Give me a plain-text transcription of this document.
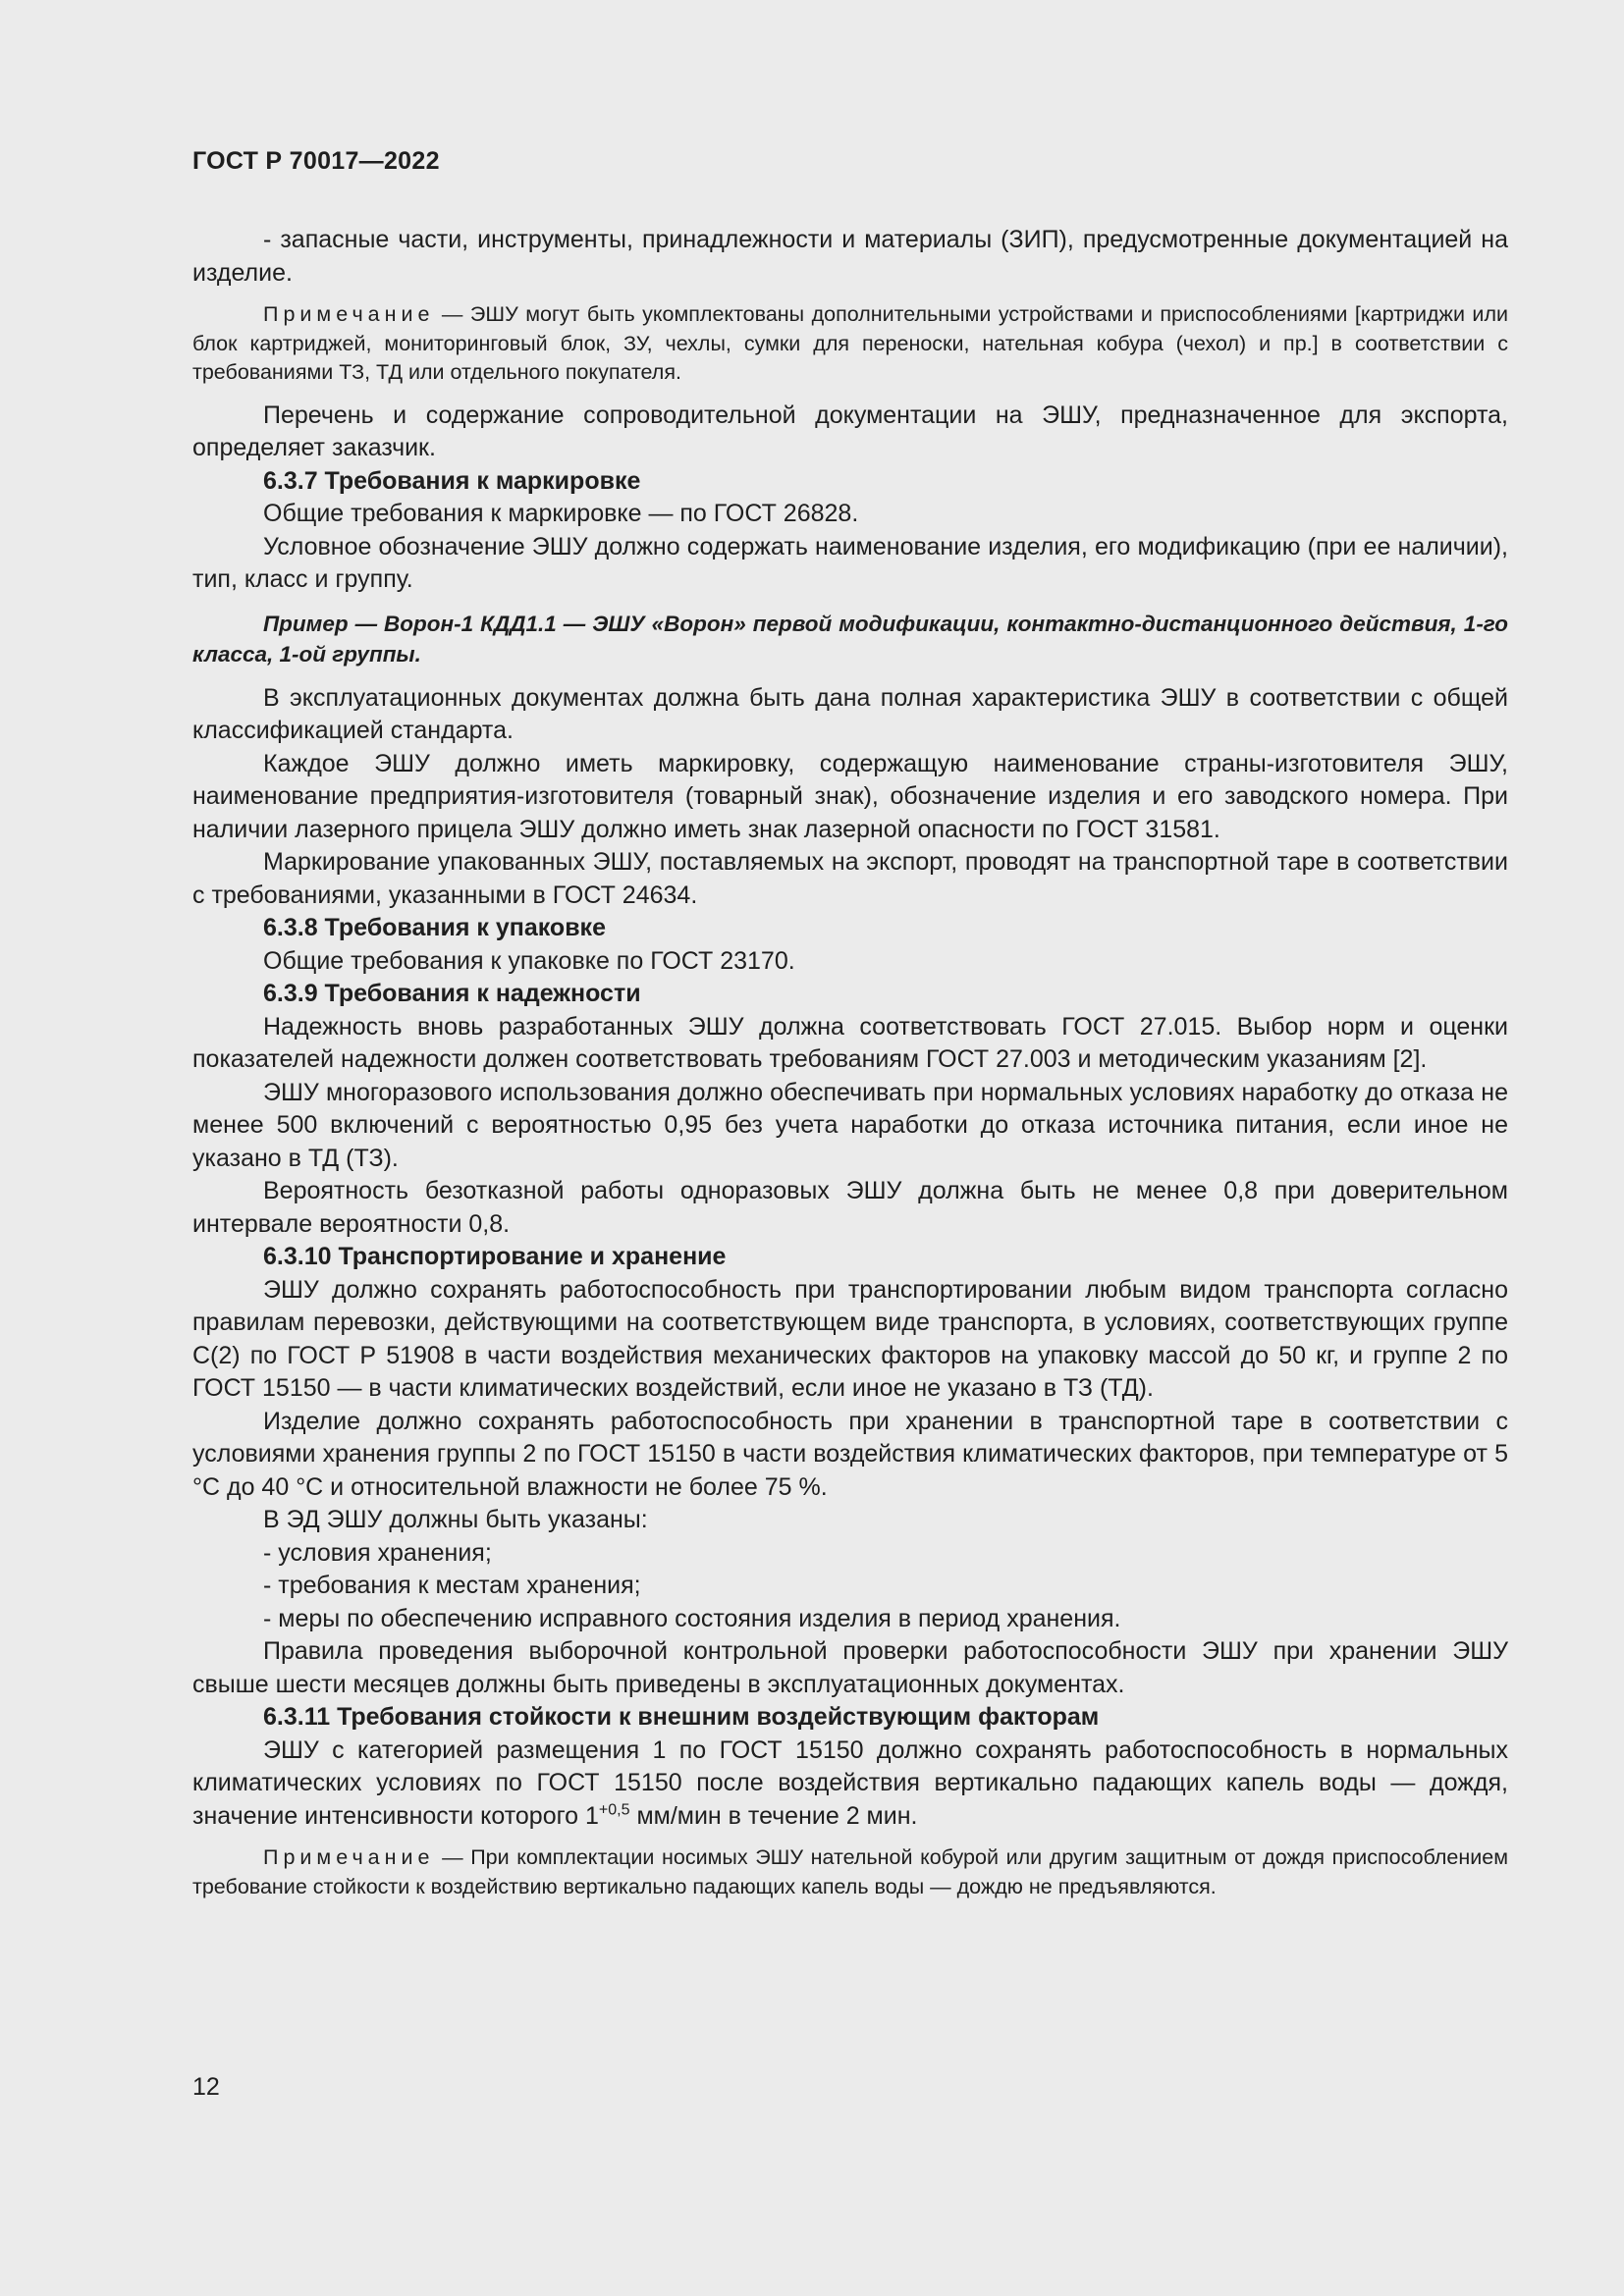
ГОСТ Р 70017—2022

- запасные части, инструменты, принадлежности и материалы (ЗИП), предусмотренные документацией на изделие.

Примечание — ЭШУ могут быть укомплектованы дополнительными устройствами и приспособлениями [картриджи или блок картриджей, мониторинговый блок, ЗУ, чехлы, сумки для переноски, нательная кобура (чехол) и пр.] в соответствии с требованиями ТЗ, ТД или отдельного покупателя.

Перечень и содержание сопроводительной документации на ЭШУ, предназначенное для экспорта, определяет заказчик.

6.3.7 Требования к маркировке

Общие требования к маркировке — по ГОСТ 26828.

Условное обозначение ЭШУ должно содержать наименование изделия, его модификацию (при ее наличии), тип, класс и группу.

Пример — Ворон-1 КДД1.1 — ЭШУ «Ворон» первой модификации, контактно-дистанционного действия, 1-го класса, 1-ой группы.

В эксплуатационных документах должна быть дана полная характеристика ЭШУ в соответствии с общей классификацией стандарта.

Каждое ЭШУ должно иметь маркировку, содержащую наименование страны-изготовителя ЭШУ, наименование предприятия-изготовителя (товарный знак), обозначение изделия и его заводского номера. При наличии лазерного прицела ЭШУ должно иметь знак лазерной опасности по ГОСТ 31581.

Маркирование упакованных ЭШУ, поставляемых на экспорт, проводят на транспортной таре в соответствии с требованиями, указанными в ГОСТ 24634.

6.3.8 Требования к упаковке

Общие требования к упаковке по ГОСТ 23170.

6.3.9 Требования к надежности

Надежность вновь разработанных ЭШУ должна соответствовать ГОСТ 27.015. Выбор норм и оценки показателей надежности должен соответствовать требованиям ГОСТ 27.003 и методическим указаниям [2].

ЭШУ многоразового использования должно обеспечивать при нормальных условиях наработку до отказа не менее 500 включений с вероятностью 0,95 без учета наработки до отказа источника питания, если иное не указано в ТД (ТЗ).

Вероятность безотказной работы одноразовых ЭШУ должна быть не менее 0,8 при доверительном интервале вероятности 0,8.

6.3.10 Транспортирование и хранение

ЭШУ должно сохранять работоспособность при транспортировании любым видом транспорта согласно правилам перевозки, действующими на соответствующем виде транспорта, в условиях, соответствующих группе С(2) по ГОСТ Р 51908 в части воздействия механических факторов на упаковку массой до 50 кг, и группе 2 по ГОСТ 15150 — в части климатических воздействий, если иное не указано в ТЗ (ТД).

Изделие должно сохранять работоспособность при хранении в транспортной таре в соответствии с условиями хранения группы 2 по ГОСТ 15150 в части воздействия климатических факторов, при температуре от 5 °С до 40 °С и относительной влажности не более 75 %.

В ЭД ЭШУ должны быть указаны:

- условия хранения;

- требования к местам хранения;

- меры по обеспечению исправного состояния изделия в период хранения.

Правила проведения выборочной контрольной проверки работоспособности ЭШУ при хранении ЭШУ свыше шести месяцев должны быть приведены в эксплуатационных документах.

6.3.11 Требования стойкости к внешним воздействующим факторам

ЭШУ с категорией размещения 1 по ГОСТ 15150 должно сохранять работоспособность в нормальных климатических условиях по ГОСТ 15150 после воздействия вертикально падающих капель воды — дождя, значение интенсивности которого $1^{+0,5}$ мм/мин в течение 2 мин.

Примечание — При комплектации носимых ЭШУ нательной кобурой или другим защитным от дождя приспособлением требование стойкости к воздействию вертикально падающих капель воды — дождю не предъявляются.

12
